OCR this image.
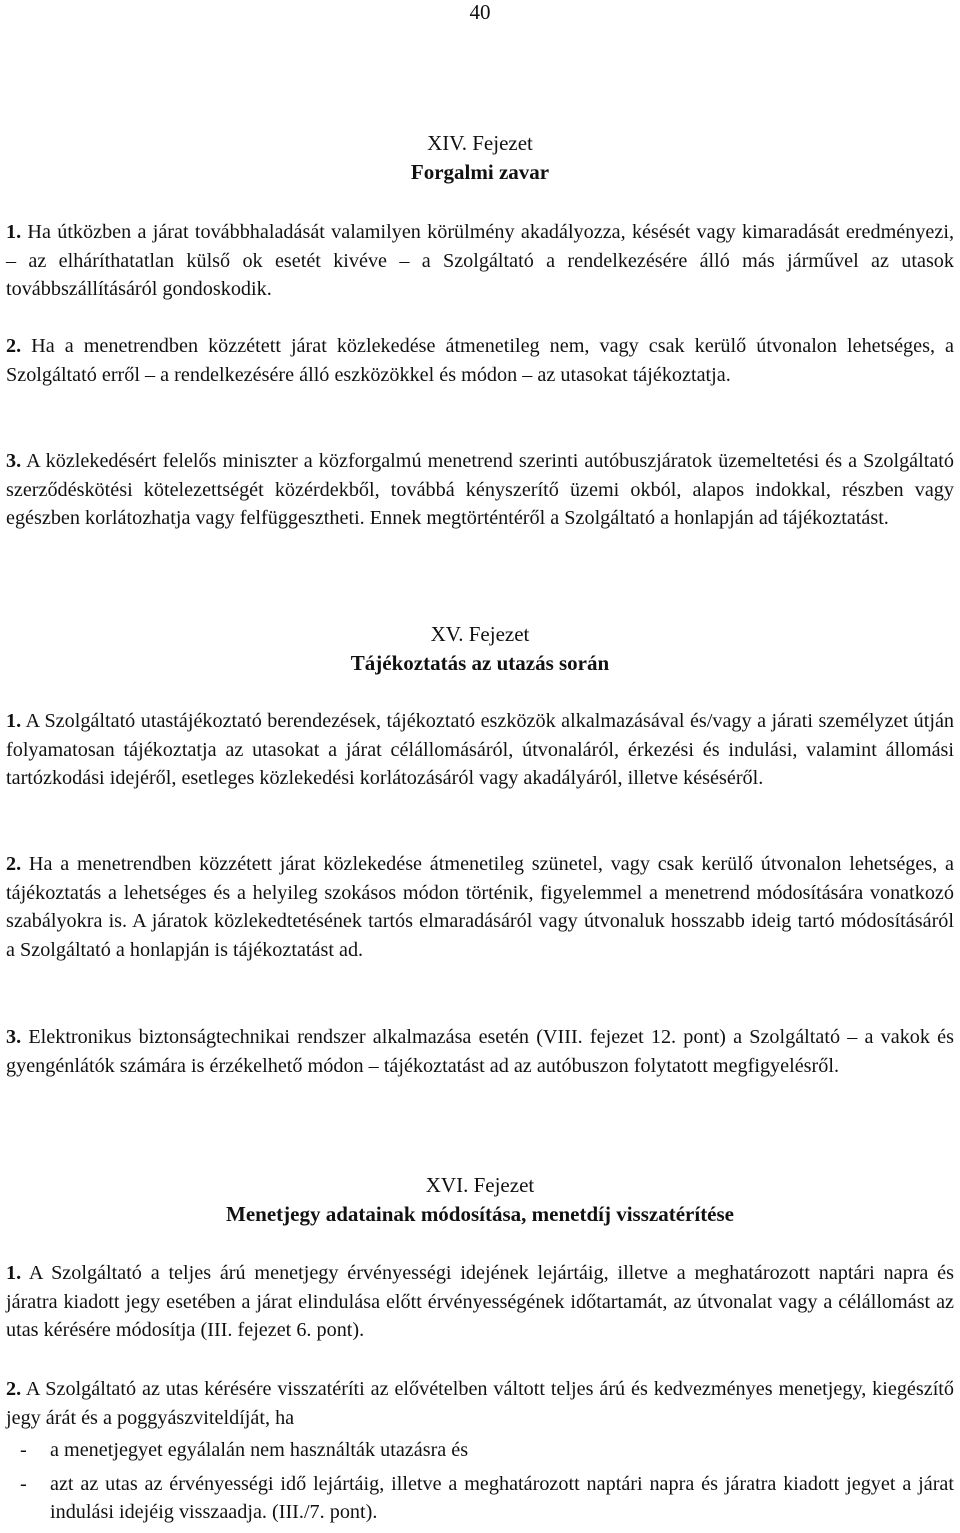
40
XIV. Fejezet
Forgalmi zavar

1. Ha útközben a járat továbbhaladását valamilyen körülmény akadályozza, késését vagy kimaradását eredményezi, – az elháríthatatlan külső ok esetét kivéve – a Szolgáltató a rendelkezésére álló más járművel az utasok továbbszállításáról gondoskodik.

2. Ha a menetrendben közzétett járat közlekedése átmenetileg nem, vagy csak kerülő útvonalon lehetséges, a Szolgáltató erről – a rendelkezésére álló eszközökkel és módon – az utasokat tájékoztatja.

3. A közlekedésért felelős miniszter a közforgalmú menetrend szerinti autóbuszjáratok üzemeltetési és a Szolgáltató szerződéskötési kötelezettségét közérdekből, továbbá kényszerítő üzemi okból, alapos indokkal, részben vagy egészben korlátozhatja vagy felfüggesztheti. Ennek megtörténtéről a Szolgáltató a honlapján ad tájékoztatást.

XV. Fejezet
Tájékoztatás az utazás során

1. A Szolgáltató utastájékoztató berendezések, tájékoztató eszközök alkalmazásával és/vagy a járati személyzet útján folyamatosan tájékoztatja az utasokat a járat célállomásáról, útvonaláról, érkezési és indulási, valamint állomási tartózkodási idejéről, esetleges közlekedési korlátozásáról vagy akadályáról, illetve késéséről.

2. Ha a menetrendben közzétett járat közlekedése átmenetileg szünetel, vagy csak kerülő útvonalon lehetséges, a tájékoztatás a lehetséges és a helyileg szokásos módon történik, figyelemmel a menetrend módosítására vonatkozó szabályokra is. A járatok közlekedtetésének tartós elmaradásáról vagy útvonaluk hosszabb ideig tartó módosításáról a Szolgáltató a honlapján is tájékoztatást ad.

3. Elektronikus biztonságtechnikai rendszer alkalmazása esetén (VIII. fejezet 12. pont) a Szolgáltató – a vakok és gyengénlátók számára is érzékelhető módon – tájékoztatást ad az autóbuszon folytatott megfigyelésről.

XVI. Fejezet
Menetjegy adatainak módosítása, menetdíj visszatérítése

1. A Szolgáltató a teljes árú menetjegy érvényességi idejének lejártáig, illetve a meghatározott naptári napra és járatra kiadott jegy esetében a járat elindulása előtt érvényességének időtartamát, az útvonalat vagy a célállomást az utas kérésére módosítja (III. fejezet 6. pont).

2. A Szolgáltató az utas kérésére visszatéríti az elővételben váltott teljes árú és kedvezményes menetjegy, kiegészítő jegy árát és a poggyászviteldíját, ha

- a menetjegyet egyálalán nem használták utazásra és
- azt az utas az érvényességi idő lejártáig, illetve a meghatározott naptári napra és járatra kiadott jegyet a járat indulási idejéig visszaadja. (III./7. pont).
